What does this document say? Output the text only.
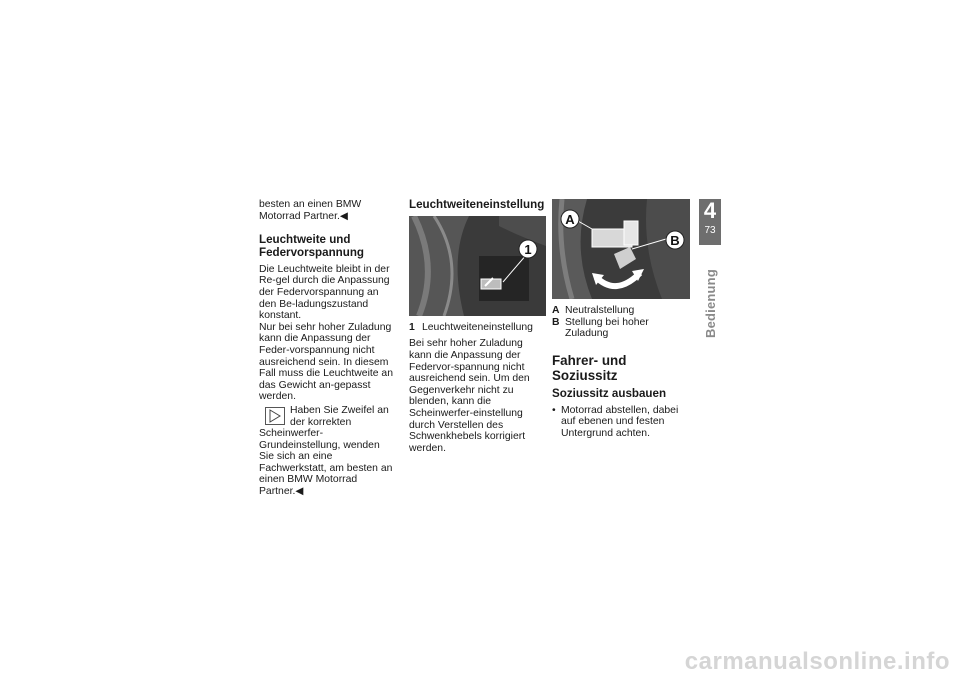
besten an einen BMW Motorrad Partner.◀

Leuchtweite und Federvorspannung

Die Leuchtweite bleibt in der Re-gel durch die Anpassung der Federvorspannung an den Be-ladungszustand konstant.

Nur bei sehr hoher Zuladung kann die Anpassung der Feder-vorspannung nicht ausreichend sein. In diesem Fall muss die Leuchtweite an das Gewicht an-gepasst werden.

Haben Sie Zweifel an der korrekten Scheinwerfer-Grundeinstellung, wenden Sie sich an eine Fachwerkstatt, am besten an einen BMW Motorrad Partner.◀

Leuchtweiteneinstellung
1
1 Leuchtweiteneinstellung

Bei sehr hoher Zuladung kann die Anpassung der Federvor-spannung nicht ausreichend sein. Um den Gegenverkehr nicht zu blenden, kann die Scheinwerfer-einstellung durch Verstellen des Schwenkhebels korrigiert werden.

A
B
A Neutralstellung
B Stellung bei hoher Zuladung
Fahrer- und Soziussitz
Soziussitz ausbauen
• Motorrad abstellen, dabei auf ebenen und festen Untergrund achten.
4
73
Bedienung
carmanualsonline.info
